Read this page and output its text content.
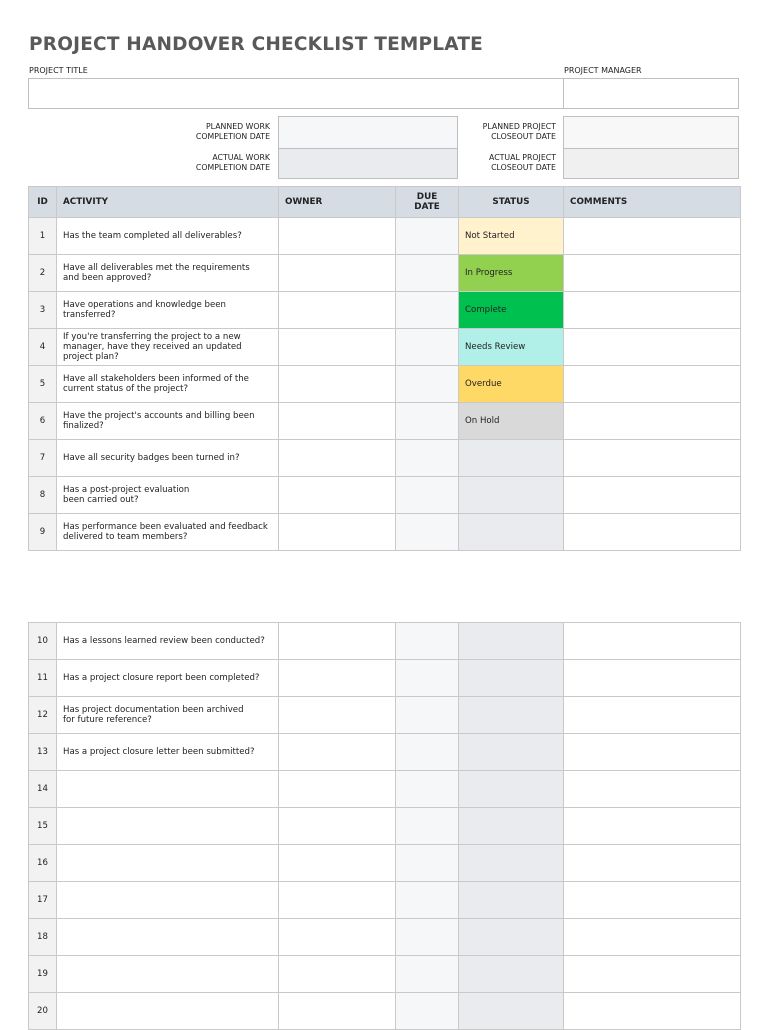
PROJECT HANDOVER CHECKLIST TEMPLATE
PROJECT TITLE	PROJECT MANAGER
PLANNED WORK
COMPLETION DATE
ACTUAL WORK
COMPLETION DATE
PLANNED PROJECT
CLOSEOUT DATE
ACTUAL PROJECT
CLOSEOUT DATE
ID	ACTIVITY	OWNER	DUE
DATE	STATUS	COMMENTS
1	Has the team completed all deliverables?			Not Started	
2	Have all deliverables met the requirements
and been approved?			In Progress	
3	Have operations and knowledge been
transferred?			Complete	
4	If you're transferring the project to a new
manager, have they received an updated
project plan?			Needs Review	
5	Have all stakeholders been informed of the
current status of the project?			Overdue	
6	Have the project's accounts and billing been
finalized?			On Hold	
7	Have all security badges been turned in?				
8	Has a post-project evaluation
been carried out?				
9	Has performance been evaluated and feedback
delivered to team members?				
10	Has a lessons learned review been conducted?				
11	Has a project closure report been completed?				
12	Has project documentation been archived
for future reference?				
13	Has a project closure letter been submitted?				
14					
15					
16					
17					
18					
19					
20					
